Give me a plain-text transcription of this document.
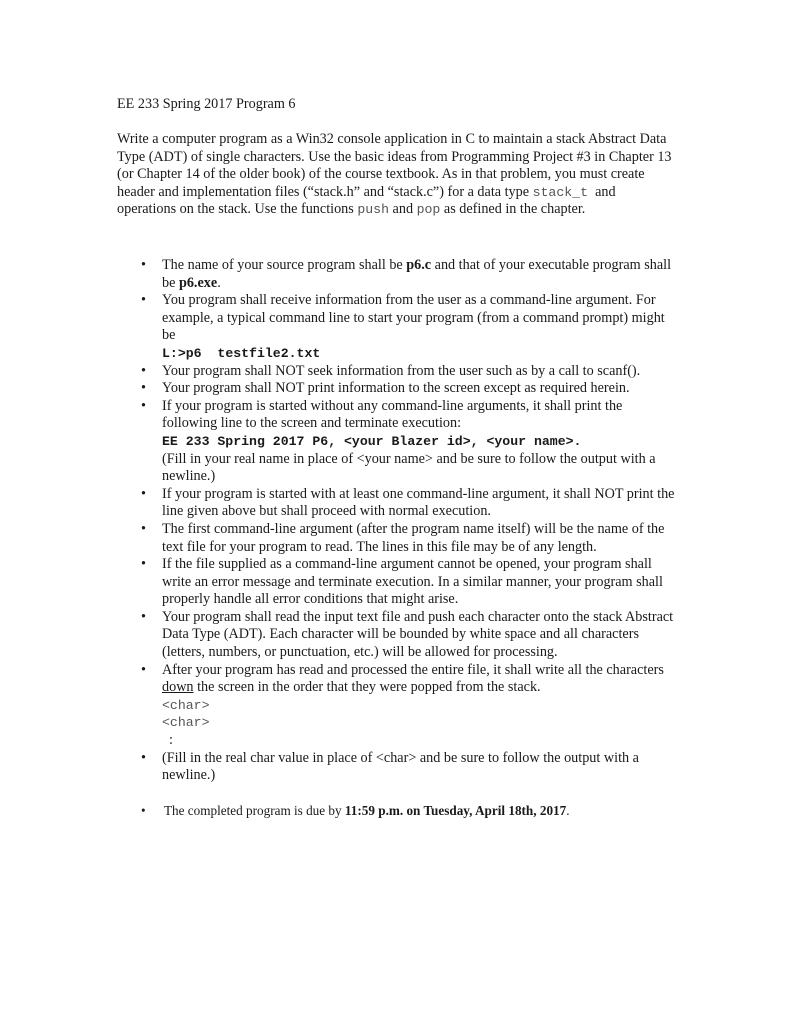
EE 233 Spring 2017 Program 6

Write a computer program as a Win32 console application in C to maintain a stack Abstract Data Type (ADT) of single characters. Use the basic ideas from Programming Project #3 in Chapter 13 (or Chapter 14 of the older book) of the course textbook. As in that problem, you must create header and implementation files (“stack.h” and “stack.c”) for a data type stack_t and operations on the stack. Use the functions push and pop as defined in the chapter.

• The name of your source program shall be p6.c and that of your executable program shall be p6.exe.
• You program shall receive information from the user as a command-line argument. For example, a typical command line to start your program (from a command prompt) might be
L:>p6 testfile2.txt
• Your program shall NOT seek information from the user such as by a call to scanf().
• Your program shall NOT print information to the screen except as required herein.
• If your program is started without any command-line arguments, it shall print the following line to the screen and terminate execution:
EE 233 Spring 2017 P6, <your Blazer id>, <your name>.
(Fill in your real name in place of <your name> and be sure to follow the output with a newline.)
• If your program is started with at least one command-line argument, it shall NOT print the line given above but shall proceed with normal execution.
• The first command-line argument (after the program name itself) will be the name of the text file for your program to read. The lines in this file may be of any length.
• If the file supplied as a command-line argument cannot be opened, your program shall write an error message and terminate execution. In a similar manner, your program shall properly handle all error conditions that might arise.
• Your program shall read the input text file and push each character onto the stack Abstract Data Type (ADT). Each character will be bounded by white space and all characters (letters, numbers, or punctuation, etc.) will be allowed for processing.
• After your program has read and processed the entire file, it shall write all the characters down the screen in the order that they were popped from the stack.
<char>
<char>
:
• (Fill in the real char value in place of <char> and be sure to follow the output with a newline.)
• The completed program is due by 11:59 p.m. on Tuesday, April 18th, 2017.
